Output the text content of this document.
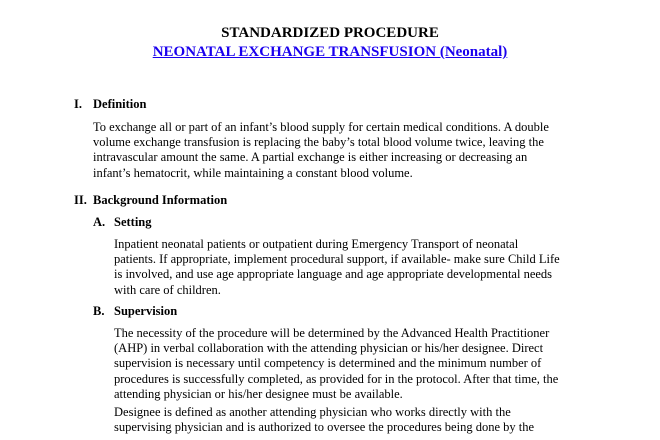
STANDARDIZED PROCEDURE
NEONATAL EXCHANGE TRANSFUSION (Neonatal)
I. Definition
To exchange all or part of an infant’s blood supply for certain medical conditions. A double
volume exchange transfusion is replacing the baby’s total blood volume twice, leaving the
intravascular amount the same. A partial exchange is either increasing or decreasing an
infant’s hematocrit, while maintaining a constant blood volume.
II. Background Information
A. Setting
Inpatient neonatal patients or outpatient during Emergency Transport of neonatal
patients. If appropriate, implement procedural support, if available- make sure Child Life
is involved, and use age appropriate language and age appropriate developmental needs
with care of children.
B. Supervision
The necessity of the procedure will be determined by the Advanced Health Practitioner
(AHP) in verbal collaboration with the attending physician or his/her designee. Direct
supervision is necessary until competency is determined and the minimum number of
procedures is successfully completed, as provided for in the protocol. After that time, the
attending physician or his/her designee must be available.
Designee is defined as another attending physician who works directly with the
supervising physician and is authorized to oversee the procedures being done by the
